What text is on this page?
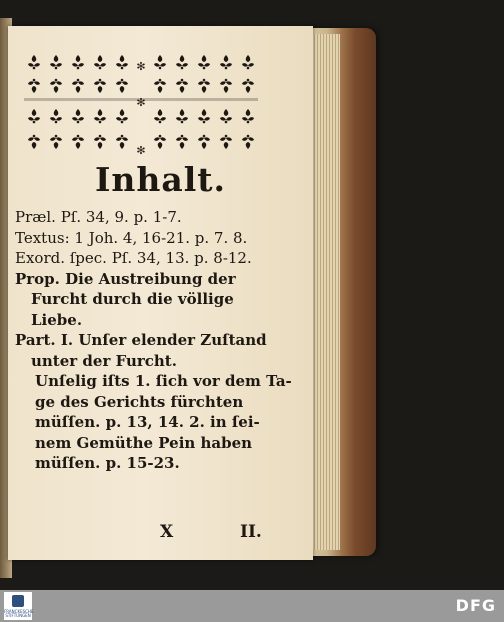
✻
✻
✻
Inhalt.
Præl. Pſ. 34, 9. p. 1-7.
Textus: 1 Joh. 4, 16-21. p. 7. 8.
Exord. ſpec. Pſ. 34, 13. p. 8-12.
Prop. Die Austreibung der
Furcht durch die völlige
Liebe.
Part. I. Unſer elender Zuſtand
unter der Furcht.
Unſelig iſts 1. ſich vor dem Ta-
ge des Gerichts fürchten
müſſen. p. 13, 14. 2. in ſei-
nem Gemüthe Pein haben
müſſen. p. 15-23.
X	II.
FRANCKESCHE STIFTUNGEN
DFG
